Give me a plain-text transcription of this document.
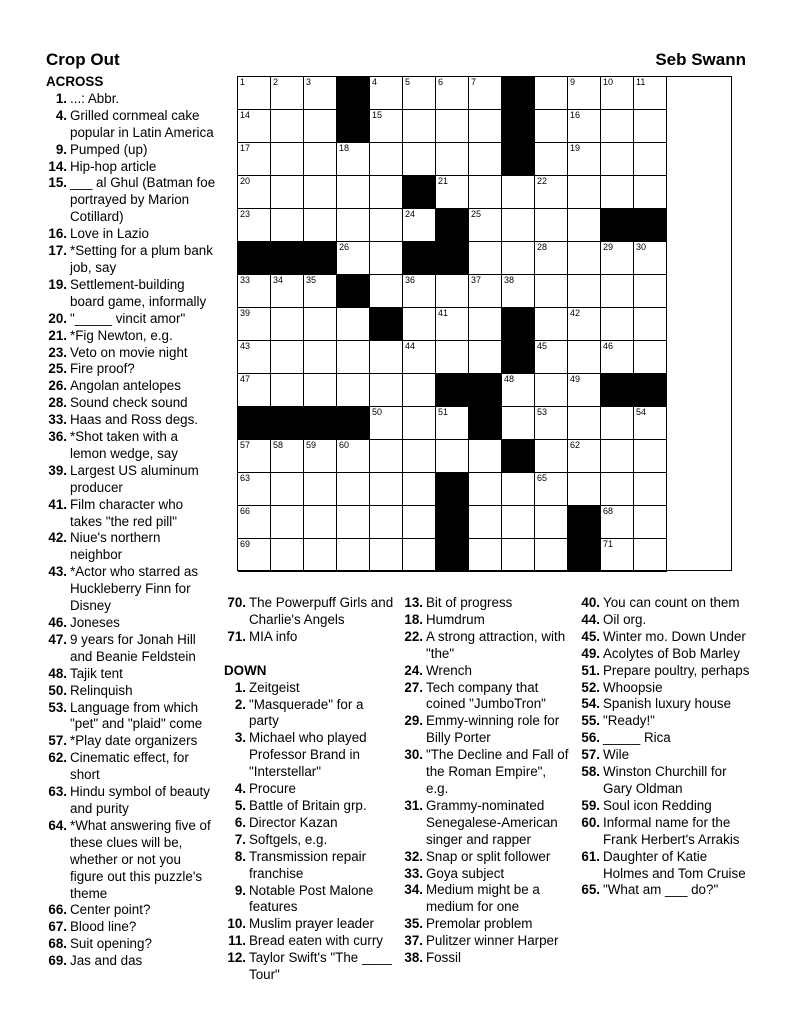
Crop Out	Seb Swann
1	2	3	4	5	6	7	9	10	11
14	15	16
17	18	19
20	21	22
23	24	25
26	28	29	30
33	34	35	36	37	38
39	41	42
43	44	45	46
47	48	49
50	51	53	54
57	58	59	60	62
63	65
66	68
69	71
ACROSS
1. ...: Abbr.
4. Grilled cornmeal cake popular in Latin America
9. Pumped (up)
14. Hip-hop article
15. ___ al Ghul (Batman foe portrayed by Marion Cotillard)
16. Love in Lazio
17. *Setting for a plum bank job, say
19. Settlement-building board game, informally
20. "_____ vincit amor"
21. *Fig Newton, e.g.
23. Veto on movie night
25. Fire proof?
26. Angolan antelopes
28. Sound check sound
33. Haas and Ross degs.
36. *Shot taken with a lemon wedge, say
39. Largest US aluminum producer
41. Film character who takes "the red pill"
42. Niue's northern neighbor
43. *Actor who starred as Huckleberry Finn for Disney
46. Joneses
47. 9 years for Jonah Hill and Beanie Feldstein
48. Tajik tent
50. Relinquish
53. Language from which "pet" and "plaid" come
57. *Play date organizers
62. Cinematic effect, for short
63. Hindu symbol of beauty and purity
64. *What answering five of these clues will be, whether or not you figure out this puzzle's theme
66. Center point?
67. Blood line?
68. Suit opening?
69. Jas and das
70. The Powerpuff Girls and Charlie's Angels
71. MIA info
DOWN
1. Zeitgeist
2. "Masquerade" for a party
3. Michael who played Professor Brand in "Interstellar"
4. Procure
5. Battle of Britain grp.
6. Director Kazan
7. Softgels, e.g.
8. Transmission repair franchise
9. Notable Post Malone features
10. Muslim prayer leader
11. Bread eaten with curry
12. Taylor Swift's "The ____ Tour"
13. Bit of progress
18. Humdrum
22. A strong attraction, with "the"
24. Wrench
27. Tech company that coined "JumboTron"
29. Emmy-winning role for Billy Porter
30. "The Decline and Fall of the Roman Empire", e.g.
31. Grammy-nominated Senegalese-American singer and rapper
32. Snap or split follower
33. Goya subject
34. Medium might be a medium for one
35. Premolar problem
37. Pulitzer winner Harper
38. Fossil
40. You can count on them
44. Oil org.
45. Winter mo. Down Under
49. Acolytes of Bob Marley
51. Prepare poultry, perhaps
52. Whoopsie
54. Spanish luxury house
55. "Ready!"
56. _____ Rica
57. Wile
58. Winston Churchill for Gary Oldman
59. Soul icon Redding
60. Informal name for the Frank Herbert's Arrakis
61. Daughter of Katie Holmes and Tom Cruise
65. "What am ___ do?"
